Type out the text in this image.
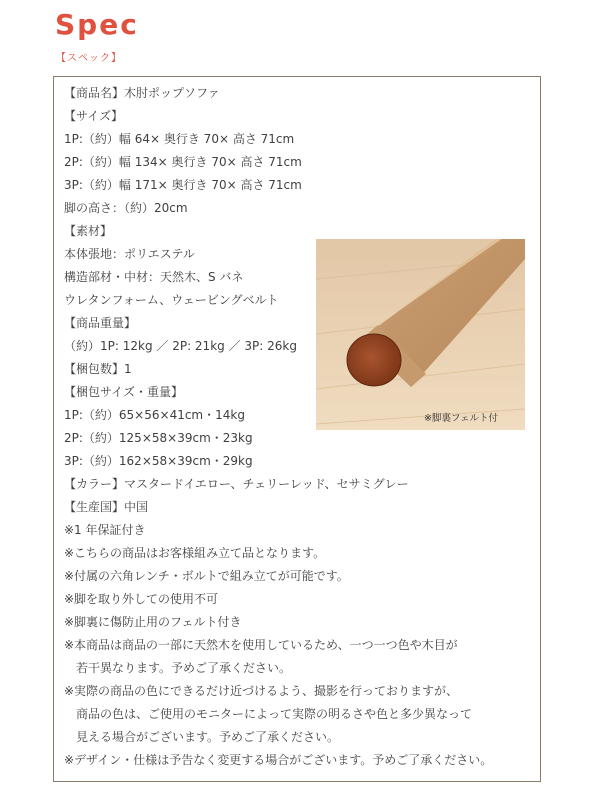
Spec
【スペック】
【商品名】木肘ポップソファ
【サイズ】
1P:（約）幅 64× 奥行き 70× 高さ 71cm
2P:（約）幅 134× 奥行き 70× 高さ 71cm
3P:（約）幅 171× 奥行き 70× 高さ 71cm
脚の高さ：（約）20cm
【素材】
本体張地：ポリエステル
構造部材・中材：天然木、S バネ
ウレタンフォーム、ウェービングベルト
【商品重量】
（約）1P: 12kg ／ 2P: 21kg ／ 3P: 26kg
【梱包数】1
【梱包サイズ・重量】
1P:（約）65×56×41cm・14kg
2P:（約）125×58×39cm・23kg
3P:（約）162×58×39cm・29kg
【カラー】マスタードイエロー、チェリーレッド、セサミグレー
【生産国】中国
※1 年保証付き
※こちらの商品はお客様組み立て品となります。
※付属の六角レンチ・ボルトで組み立てが可能です。
※脚を取り外しての使用不可
※脚裏に傷防止用のフェルト付き
※本商品は商品の一部に天然木を使用しているため、一つ一つ色や木目が
　若干異なります。予めご了承ください。
※実際の商品の色にできるだけ近づけるよう、撮影を行っておりますが、
　商品の色は、ご使用のモニターによって実際の明るさや色と多少異なって
　見える場合がございます。予めご了承ください。
※デザイン・仕様は予告なく変更する場合がございます。予めご了承ください。
※脚裏フェルト付
